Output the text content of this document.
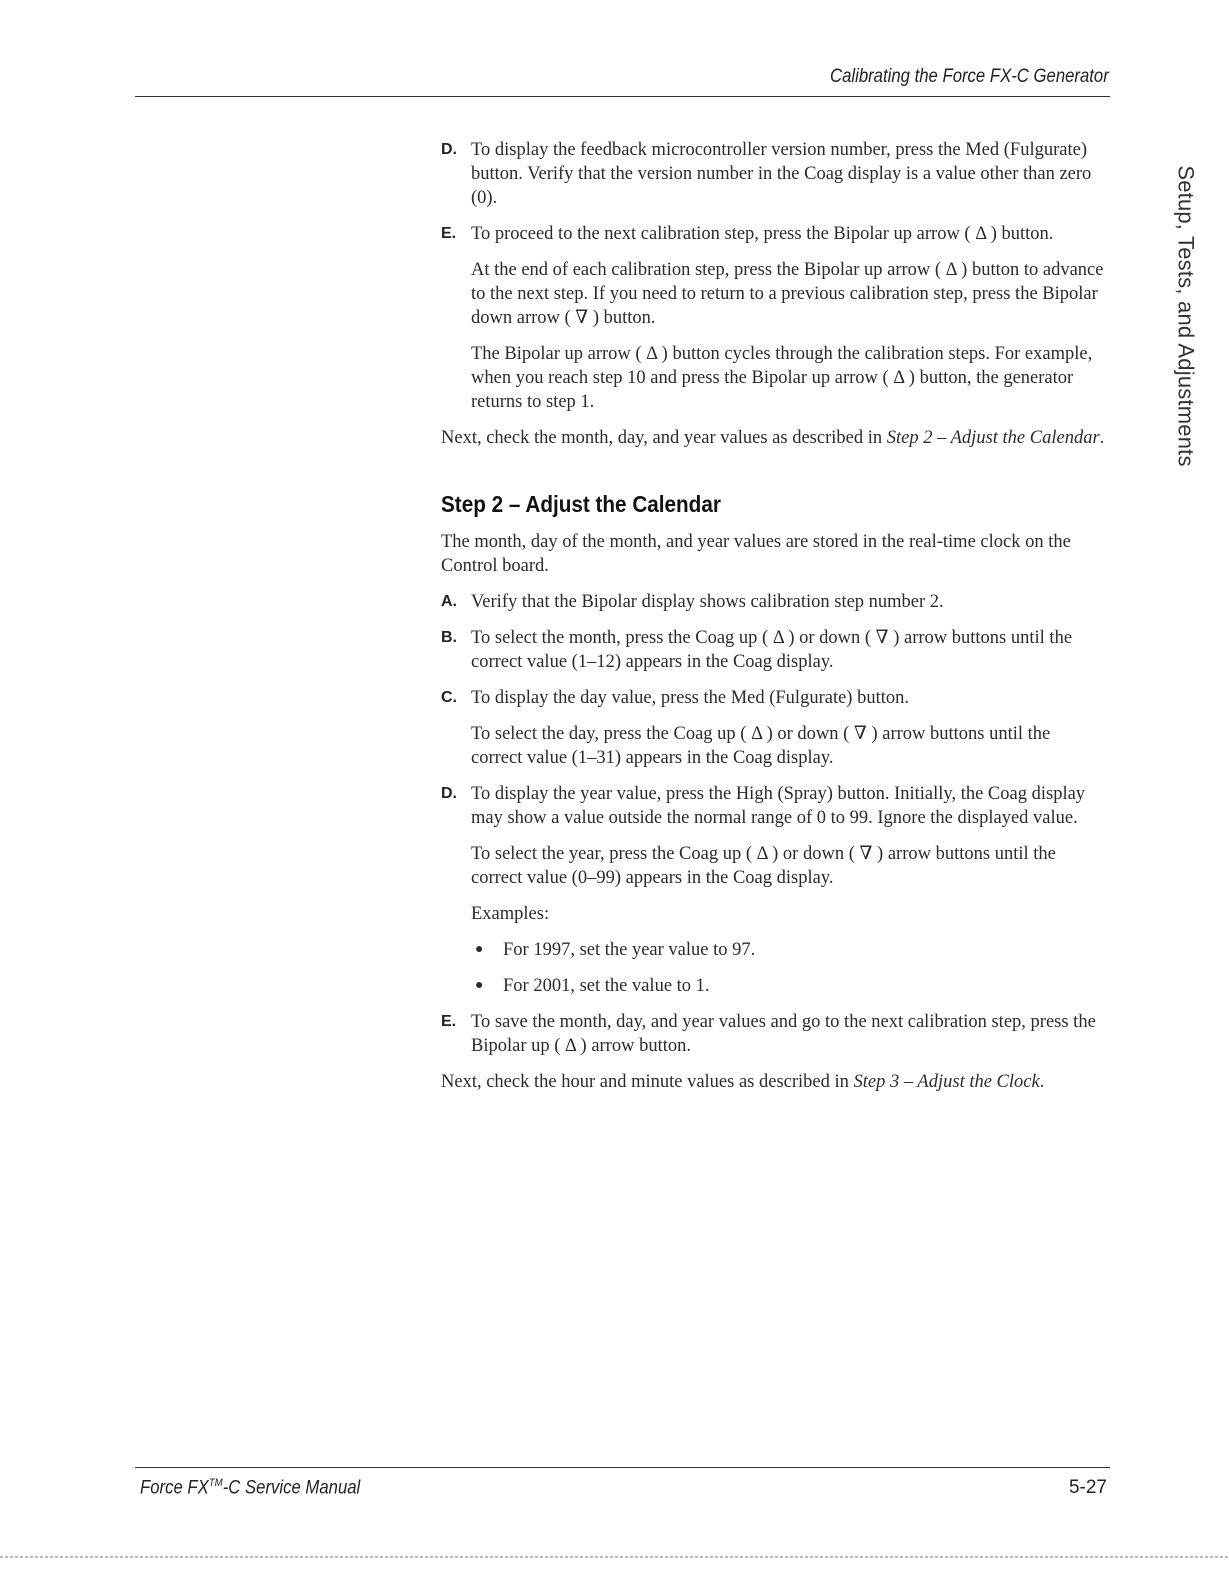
Calibrating the Force FX-C Generator
Setup, Tests, and Adjustments
D. To display the feedback microcontroller version number, press the Med (Fulgurate) button. Verify that the version number in the Coag display is a value other than zero (0).
E. To proceed to the next calibration step, press the Bipolar up arrow ( Δ ) button.
At the end of each calibration step, press the Bipolar up arrow ( Δ ) button to advance to the next step. If you need to return to a previous calibration step, press the Bipolar down arrow ( ∇ ) button.
The Bipolar up arrow ( Δ ) button cycles through the calibration steps. For example, when you reach step 10 and press the Bipolar up arrow ( Δ ) button, the generator returns to step 1.
Next, check the month, day, and year values as described in Step 2 – Adjust the Calendar.
Step 2 – Adjust the Calendar
The month, day of the month, and year values are stored in the real-time clock on the Control board.
A. Verify that the Bipolar display shows calibration step number 2.
B. To select the month, press the Coag up ( Δ ) or down ( ∇ ) arrow buttons until the correct value (1–12) appears in the Coag display.
C. To display the day value, press the Med (Fulgurate) button.
To select the day, press the Coag up ( Δ ) or down ( ∇ ) arrow buttons until the correct value (1–31) appears in the Coag display.
D. To display the year value, press the High (Spray) button. Initially, the Coag display may show a value outside the normal range of 0 to 99. Ignore the displayed value.
To select the year, press the Coag up ( Δ ) or down ( ∇ ) arrow buttons until the correct value (0–99) appears in the Coag display.
Examples:
●	For 1997, set the year value to 97.
●	For 2001, set the value to 1.
E. To save the month, day, and year values and go to the next calibration step, press the Bipolar up ( Δ ) arrow button.
Next, check the hour and minute values as described in Step 3 – Adjust the Clock.
Force FX™-C Service Manual	5-27
